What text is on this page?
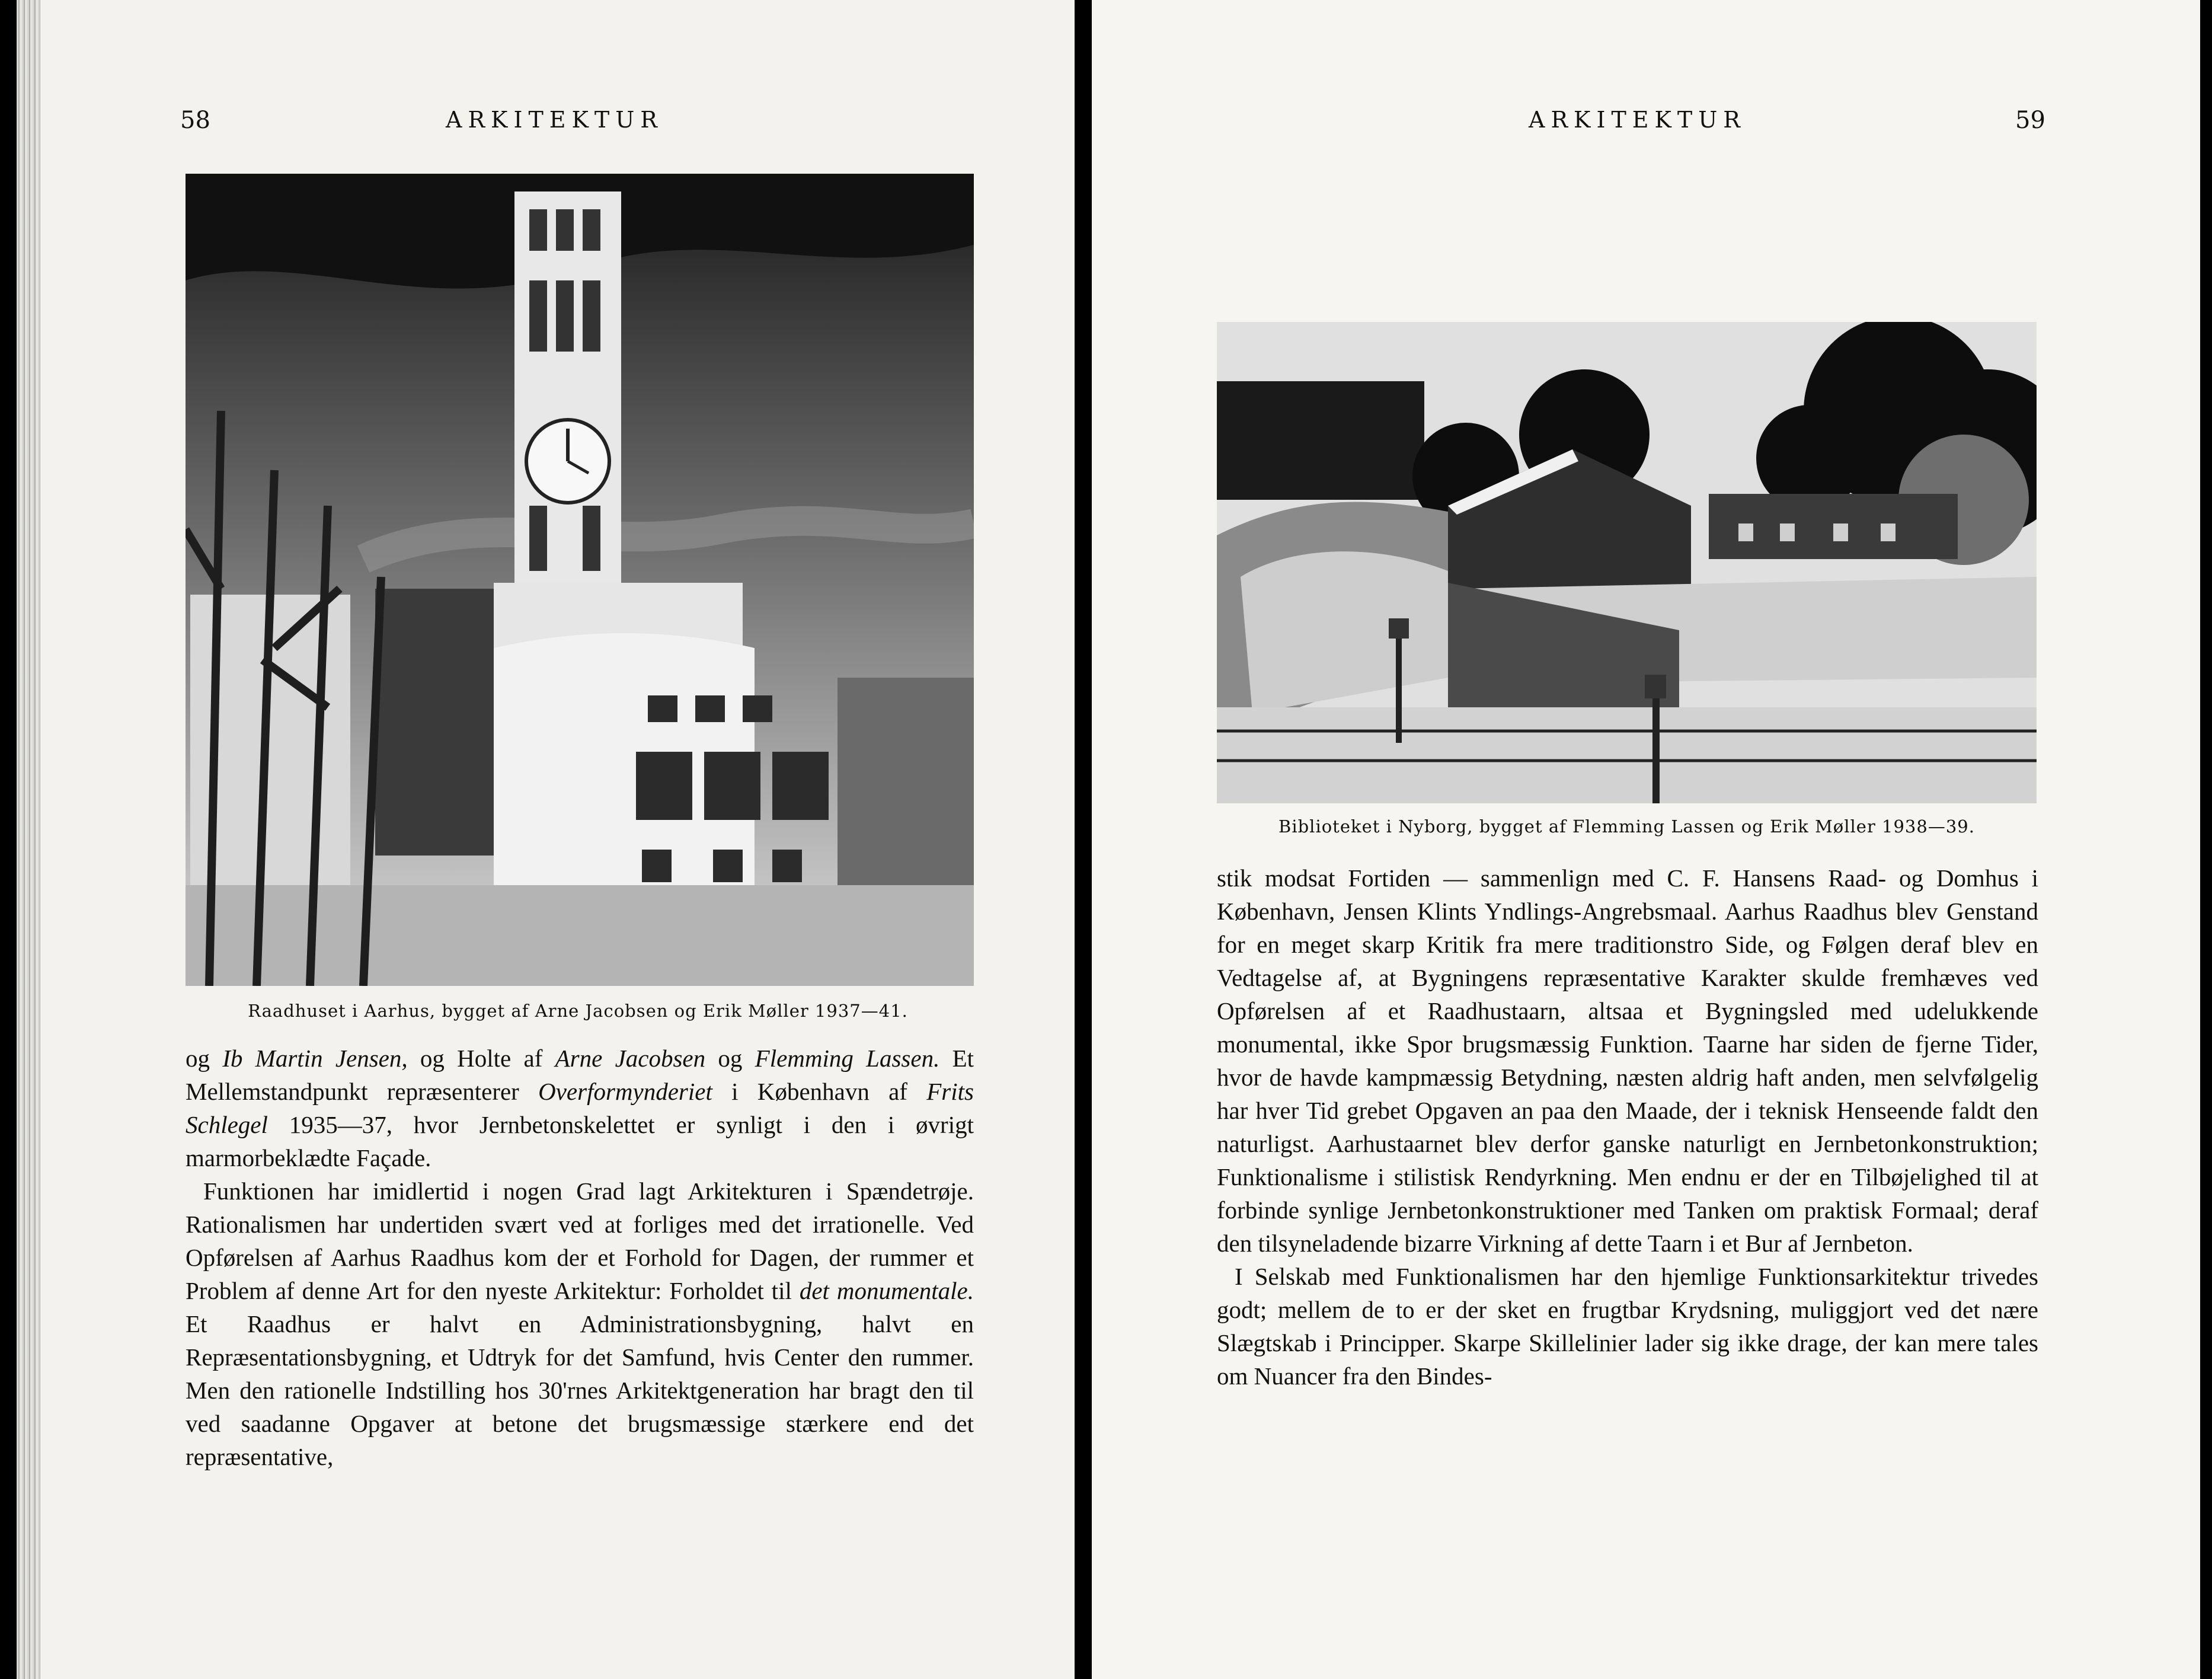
58	ARKITEKTUR
Raadhuset i Aarhus, bygget af Arne Jacobsen og Erik Møller 1937—41.

og Ib Martin Jensen, og Holte af Arne Jacobsen og Flemming Lassen. Et Mellemstandpunkt repræsenterer Overformynderiet i København af Frits Schlegel 1935—37, hvor Jernbetonskelettet er synligt i den i øvrigt marmorbeklædte Façade.

Funktionen har imidlertid i nogen Grad lagt Arkitekturen i Spændetrøje. Rationalismen har undertiden svært ved at forliges med det irrationelle. Ved Opførelsen af Aarhus Raadhus kom der et Forhold for Dagen, der rummer et Problem af denne Art for den nyeste Arkitektur: Forholdet til det monumentale. Et Raadhus er halvt en Administrationsbygning, halvt en Repræsentationsbygning, et Udtryk for det Samfund, hvis Center den rummer. Men den rationelle Indstilling hos 30'rnes Arkitektgeneration har bragt den til ved saadanne Opgaver at betone det brugsmæssige stærkere end det repræsentative,

ARKITEKTUR	59
Biblioteket i Nyborg, bygget af Flemming Lassen og Erik Møller 1938—39.

stik modsat Fortiden — sammenlign med C. F. Hansens Raad- og Domhus i København, Jensen Klints Yndlings-Angrebsmaal. Aarhus Raadhus blev Genstand for en meget skarp Kritik fra mere traditionstro Side, og Følgen deraf blev en Vedtagelse af, at Bygningens repræsentative Karakter skulde fremhæves ved Opførelsen af et Raadhustaarn, altsaa et Bygningsled med udelukkende monumental, ikke Spor brugsmæssig Funktion. Taarne har siden de fjerne Tider, hvor de havde kampmæssig Betydning, næsten aldrig haft anden, men selvfølgelig har hver Tid grebet Opgaven an paa den Maade, der i teknisk Henseende faldt den naturligst. Aarhustaarnet blev derfor ganske naturligt en Jernbetonkonstruktion; Funktionalisme i stilistisk Rendyrkning. Men endnu er der en Tilbøjelighed til at forbinde synlige Jernbetonkonstruktioner med Tanken om praktisk Formaal; deraf den tilsyneladende bizarre Virkning af dette Taarn i et Bur af Jernbeton.

I Selskab med Funktionalismen har den hjemlige Funktionsarkitektur trivedes godt; mellem de to er der sket en frugtbar Krydsning, muliggjort ved det nære Slægtskab i Principper. Skarpe Skillelinier lader sig ikke drage, der kan mere tales om Nuancer fra den Bindes-
